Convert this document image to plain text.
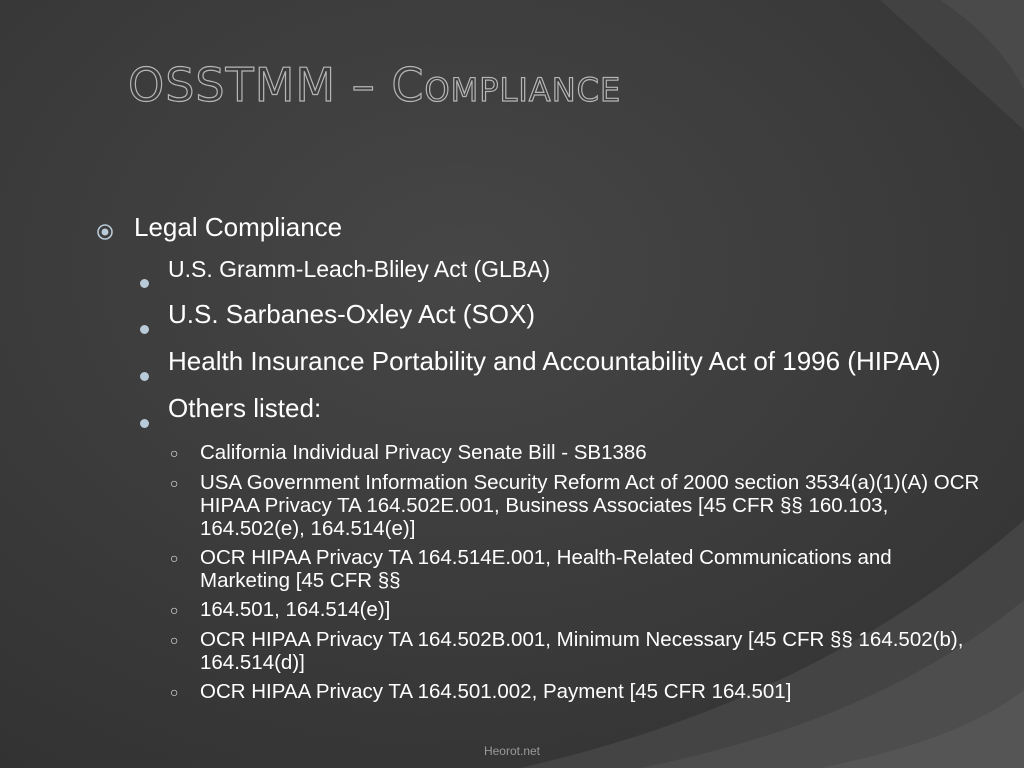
OSSTMM – Compliance
Legal Compliance
U.S. Gramm-Leach-Bliley Act (GLBA)
U.S. Sarbanes-Oxley Act (SOX)
Health Insurance Portability and Accountability Act of 1996 (HIPAA)
Others listed:
○	California Individual Privacy Senate Bill - SB1386
○	USA Government Information Security Reform Act of 2000 section 3534(a)(1)(A) OCR HIPAA Privacy TA 164.502E.001, Business Associates [45 CFR §§ 160.103, 164.502(e), 164.514(e)]
○	OCR HIPAA Privacy TA 164.514E.001, Health-Related Communications and Marketing [45 CFR §§
○	164.501, 164.514(e)]
○	OCR HIPAA Privacy TA 164.502B.001, Minimum Necessary [45 CFR §§ 164.502(b), 164.514(d)]
○	OCR HIPAA Privacy TA 164.501.002, Payment [45 CFR 164.501]
Heorot.net
